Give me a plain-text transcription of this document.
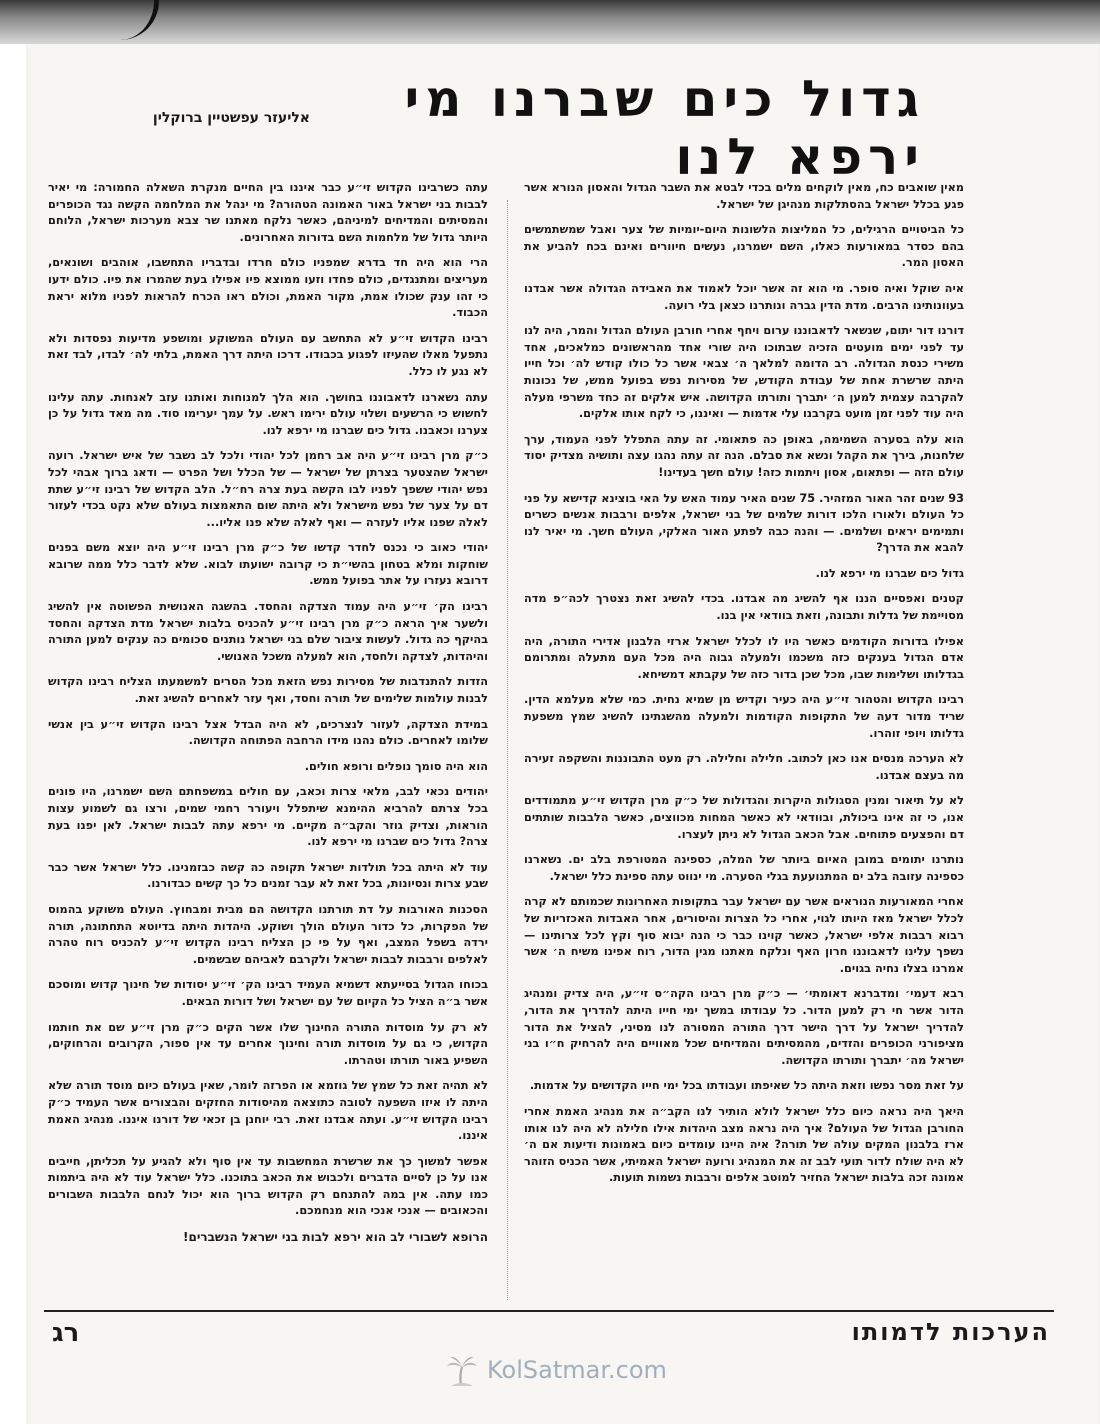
גדול כים שברנו מי ירפא לנו
אליעזר עפשטיין ברוקלין

מאין שואבים כח, מאין לוקחים מלים בכדי לבטא את השבר הגדול והאסון הנורא אשר פגע בכלל ישראל בהסתלקות מנהיגן של ישראל.

כל הביטויים הרגילים, כל המליצות הלשונות היום-יומיות של צער ואבל שמשתמשים בהם כסדר במאורעות כאלו, השם ישמרנו, נעשים חיוורים ואינם בכח להביע את האסון המר.

איה שוקל ואיה סופר. מי הוא זה אשר יוכל לאמוד את האבידה הגדולה אשר אבדנו בעוונותינו הרבים. מדת הדין גברה ונותרנו כצאן בלי רועה.

דורנו דור יתום, שנשאר לדאבוננו ערום ויחף אחרי חורבן העולם הגדול והמר, היה לנו עד לפני ימים מועטים הזכיה שבתוכו היה שורי אחד מהראשונים כמלאכים, אחד משירי כנסת הגדולה. רב הדומה למלאך ה׳ צבאי אשר כל כולו קודש לה׳ וכל חייו היתה שרשרת אחת של עבודת הקודש, של מסירות נפש בפועל ממש, של נכונות להקרבה עצמית למען ה׳ יתברך ותורתו הקדושה. איש אלקים זה כחד משרפי מעלה היה עוד לפני זמן מועט בקרבנו עלי אדמות — ואיננו, כי לקח אותו אלקים.

הוא עלה בסערה השמימה, באופן כה פתאומי. זה עתה התפלל לפני העמוד, ערך שלחנות, בירך את הקהל ונשא את סבלם. הנה זה עתה נהגו עצה ותושיה מצדיק יסוד עולם הזה — ופתאום, אסון ויתמות כזה! עולם חשך בעדינו!

93 שנים זהר האור המזהיר. 75 שנים האיר עמוד האש על האי בוצינא קדישא על פני כל העולם ולאורו הלכו דורות שלמים של בני ישראל, אלפים ורבבות אנשים כשרים ותמימים יראים ושלמים. — והנה כבה לפתע האור האלקי, העולם חשך. מי יאיר לנו להבא את הדרך?

גדול כים שברנו מי ירפא לנו.

קטנים ואפסיים הננו אף להשיג מה אבדנו. בכדי להשיג זאת נצטרך לכה״פ מדה מסויימת של גדלות ותבונה, וזאת בוודאי אין בנו.

אפילו בדורות הקודמים כאשר היו לו לכלל ישראל ארזי הלבנון אדירי התורה, היה אדם הגדול בענקים כזה משכמו ולמעלה גבוה היה מכל העם מתעלה ומתרומם בגדלותו ושלימות שבו, מכל שכן בדור כזה של עקבתא דמשיחא.

רבינו הקדוש והטהור זי״ע היה כעיר וקדיש מן שמיא נחית. כמי שלא מעלמא הדין. שריד מדור דעה של התקופות הקודמות ולמעלה מהשגתינו להשיג שמץ משפעת גדלותו ויופי זוהרו.

לא הערכה מנסים אנו כאן לכתוב. חלילה וחלילה. רק מעט התבוננות והשקפה זעירה מה בעצם אבדנו.

לא על תיאור ומנין הסגולות היקרות והגדולות של כ״ק מרן הקדוש זי״ע מתמודדים אנו, כי זה אינו ביכולת, ובוודאי לא כאשר המחות מכווצים, כאשר הלבבות שותתים דם והפצעים פתוחים. אבל הכאב הגדול לא ניתן לעצרו.

נותרנו יתומים במובן האיום ביותר של המלה, כספינה המטורפת בלב ים. נשארנו כספינה עזובה בלב ים המתנועעת בגלי הסערה. מי ינווט עתה ספינת כלל ישראל.

אחרי המאורעות הנוראים אשר עם ישראל עבר בתקופות האחרונות שכמותם לא קרה לכלל ישראל מאז היותו לגוי, אחרי כל הצרות והיסורים, אחר האבדות האכזריות של רבוא רבבות אלפי ישראל, כאשר קוינו כבר כי הנה יבוא סוף וקץ לכל צרותינו — נשפך עלינו לדאבוננו חרון האף ונלקח מאתנו מגין הדור, רוח אפינו משיח ה׳ אשר אמרנו בצלו נחיה בגוים.

רבא דעמי׳ ומדברנא דאומתי׳ — כ״ק מרן רבינו הקה״ס זי״ע, היה צדיק ומנהיג הדור אשר חי רק למען הדור. כל עבודתו במשך ימי חייו היתה להדריך את הדור, להדריך ישראל על דרך הישר דרך התורה המסורה לנו מסיני, להציל את הדור מציפורני הכופרים והזדים, מהמסיתים והמדיחים שכל מאוויים היה להרחיק ח״ו בני ישראל מה׳ יתברך ותורתו הקדושה.

על זאת מסר נפשו וזאת היתה כל שאיפתו ועבודתו בכל ימי חייו הקדושים על אדמות.

היאך היה נראה כיום כלל ישראל לולא הותיר לנו הקב״ה את מנהיג האמת אחרי החורבן הגדול של העולם? איך היה נראה מצב היהדות אילו חלילה לא היה לנו אותו ארז בלבנון המקים עולה של תורה? איה היינו עומדים כיום באמונות ודיעות אם ה׳ לא היה שולח לדור תועי לבב זה את המנהיג ורועה ישראל האמיתי, אשר הכניס הזוהר אמונה זכה בלבות ישראל החזיר למוטב אלפים ורבבות נשמות תועות.

עתה כשרבינו הקדוש זי״ע כבר איננו בין החיים מנקרת השאלה החמורה: מי יאיר לבבות בני ישראל באור האמונה הטהורה? מי ינהל את המלחמה הקשה נגד הכופרים והמסיתים והמדיחים למיניהם, כאשר נלקח מאתנו שר צבא מערכות ישראל, הלוחם היותר גדול של מלחמות השם בדורות האחרונים.

הרי הוא היה חד בדרא שמפניו כולם חרדו ובדבריו התחשבו, אוהבים ושונאים, מעריצים ומתנגדים, כולם פחדו וזעו ממוצא פיו אפילו בעת שהמרו את פיו. כולם ידעו כי זהו ענק שכולו אמת, מקור האמת, וכולם ראו הכרח להראות לפניו מלוא יראת הכבוד.

רבינו הקדוש זי״ע לא התחשב עם העולם המשוקע ומושפע מדיעות נפסדות ולא נתפעל מאלו שהעיזו לפגוע בכבודו. דרכו היתה דרך האמת, בלתי לה׳ לבדו, לבד זאת לא נגע לו כלל.

עתה נשארנו לדאבוננו בחושך. הוא הלך למנוחות ואותנו עזב לאנחות. עתה עלינו לחשוש כי הרשעים ושלוי עולם ירימו ראש. על עמך יערימו סוד. מה מאד גדול על כן צערנו וכאבנו. גדול כים שברנו מי ירפא לנו.

כ״ק מרן רבינו זי״ע היה אב רחמן לכל יהודי ולכל לב נשבר של איש ישראל. רועה ישראל שהצטער בצרתן של ישראל — של הכלל ושל הפרט — ודאג ברוך אבהי לכל נפש יהודי ששפך לפניו לבו הקשה בעת צרה רח״ל. הלב הקדוש של רבינו זי״ע שתת דם על צער של נפש מישראל ולא היתה שום התאמצות בעולם שלא נקט בכדי לעזור לאלה שפנו אליו לעזרה — ואף לאלה שלא פנו אליו...

יהודי כאוב כי נכנס לחדר קדשו של כ״ק מרן רבינו זי״ע היה יוצא משם בפנים שוחקות ומלא בטחון בהשי״ת כי קרובה ישועתו לבוא. שלא לדבר כלל ממה שרובא דרובא נעזרו על אתר בפועל ממש.

רבינו הק׳ זי״ע היה עמוד הצדקה והחסד. בהשגה האנושית הפשוטה אין להשיג ולשער איך הראה כ״ק מרן רבינו זי״ע להכניס בלבות ישראל מדת הצדקה והחסד בהיקף כה גדול. לעשות ציבור שלם בני ישראל נותנים סכומים כה ענקים למען התורה והיהדות, לצדקה ולחסד, הוא למעלה משכל האנושי.

הזדות להתנדבות של מסירות נפש הזאת מכל הסרים למשמעתו הצליח רבינו הקדוש לבנות עולמות שלימים של תורה וחסד, ואף עזר לאחרים להשיג זאת.

במידת הצדקה, לעזור לנצרכים, לא היה הבדל אצל רבינו הקדוש זי״ע בין אנשי שלומו לאחרים. כולם נהנו מידו הרחבה הפתוחה הקדושה.

הוא היה סומך נופלים ורופא חולים.

יהודים נכאי לבב, מלאי צרות וכאב, עם חולים במשפחתם השם ישמרנו, היו פונים בכל צרתם להרביא ההימנא שיתפלל ויעורר רחמי שמים, ורצו גם לשמוע עצות הוראות, וצדיק גוזר והקב״ה מקיים. מי ירפא עתה לבבות ישראל. לאן יפנו בעת צרה? גדול כים שברנו מי ירפא לנו.

עוד לא היתה בכל תולדות ישראל תקופה כה קשה כבזמנינו. כלל ישראל אשר כבר שבע צרות ונסיונות, בכל זאת לא עבר זמנים כל כך קשים כבדורנו.

הסכנות האורבות על דת תורתנו הקדושה הם מבית ומבחוץ. העולם משוקע בהמוס של הפקרות, כל כדור העולם הולך ושוקע. היהדות היתה בדיוטא התחתונה, תורה ירדה בשפל המצב, ואף על פי כן הצליח רבינו הקדוש זי״ע להכניס רוח טהרה לאלפים ורבבות לבבות ישראל ולקרבם לאביהם שבשמים.

בכוחו הגדול בסייעתא דשמיא העמיד רבינו הק׳ זי״ע יסודות של חינוך קדוש ומוסכם אשר ב״ה הציל כל הקיום של עם ישראל ושל דורות הבאים.

לא רק על מוסדות התורה החינוך שלו אשר הקים כ״ק מרן זי״ע שם את חותמו הקדוש, כי גם על מוסדות תורה וחינוך אחרים עד אין ספור, הקרובים והרחוקים, השפיע באור תורתו וטהרתו.

לא תהיה זאת כל שמץ של גוזמא או הפרזה לומר, שאין בעולם כיום מוסד תורה שלא היתה לו איזו השפעה לטובה כתוצאה מהיסודות החזקים והבצורים אשר העמיד כ״ק רבינו הקדוש זי״ע. ועתה אבדנו זאת. רבי יוחנן בן זכאי של דורנו איננו. מנהיג האמת איננו.

אפשר למשוך כך את שרשרת המחשבות עד אין סוף ולא להגיע על תכליתן, חייבים אנו על כן לסיים הדברים ולכבוש את הכאב בתוכנו. כלל ישראל עוד לא היה ביתמות כמו עתה. אין במה להתנחם רק הקדוש ברוך הוא יכול לנחם הלבבות השבורים והכאובים — אנכי אנכי הוא מנחמכם.

הרופא לשבורי לב הוא ירפא לבות בני ישראל הנשברים!

הערכות לדמותו
רג
KolSatmar.com
